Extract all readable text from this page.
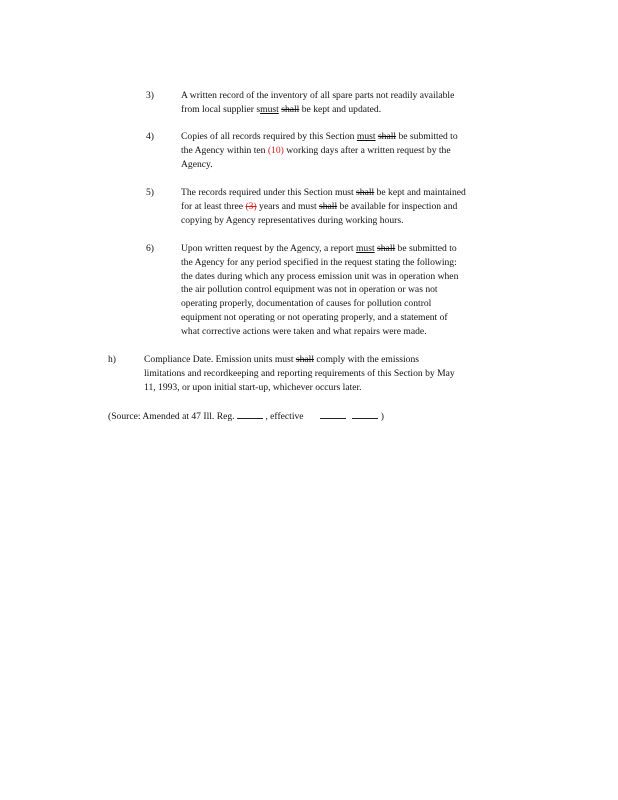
3)	A written record of the inventory of all spare parts not readily available
from local supplier smust shall be kept and updated.
4)	Copies of all records required by this Section must shall be submitted to
the Agency within ten (10) working days after a written request by the
Agency.
5)	The records required under this Section must shall be kept and maintained
for at least three (3) years and must shall be available for inspection and
copying by Agency representatives during working hours.
6)	Upon written request by the Agency, a report must shall be submitted to
the Agency for any period specified in the request stating the following:
the dates during which any process emission unit was in operation when
the air pollution control equipment was not in operation or was not
operating properly, documentation of causes for pollution control
equipment not operating or not operating properly, and a statement of
what corrective actions were taken and what repairs were made.
h)	Compliance Date. Emission units must shall comply with the emissions
limitations and recordkeeping and reporting requirements of this Section by May
11, 1993, or upon initial start-up, whichever occurs later.
(Source: Amended at 47 Ill. Reg.	, effective	)
